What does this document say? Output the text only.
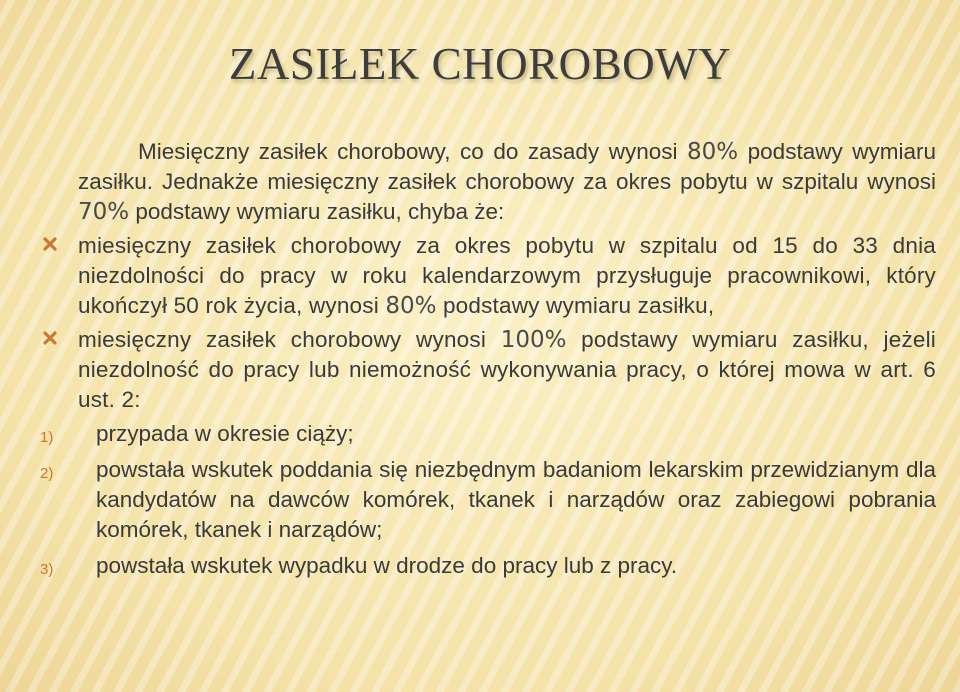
ZASIŁEK CHOROBOWY

Miesięczny zasiłek chorobowy, co do zasady wynosi 80% podstawy wymiaru zasiłku. Jednakże miesięczny zasiłek chorobowy za okres pobytu w szpitalu wynosi 70% podstawy wymiaru zasiłku, chyba że:

miesięczny zasiłek chorobowy za okres pobytu w szpitalu od 15 do 33 dnia niezdolności do pracy w roku kalendarzowym przysługuje pracownikowi, który ukończył 50 rok życia, wynosi 80% podstawy wymiaru zasiłku,
miesięczny zasiłek chorobowy wynosi 100% podstawy wymiaru zasiłku, jeżeli niezdolność do pracy lub niemożność wykonywania pracy, o której mowa w art. 6 ust. 2:
1) przypada w okresie ciąży;
2) powstała wskutek poddania się niezbędnym badaniom lekarskim przewidzianym dla kandydatów na dawców komórek, tkanek i narządów oraz zabiegowi pobrania komórek, tkanek i narządów;
3) powstała wskutek wypadku w drodze do pracy lub z pracy.
